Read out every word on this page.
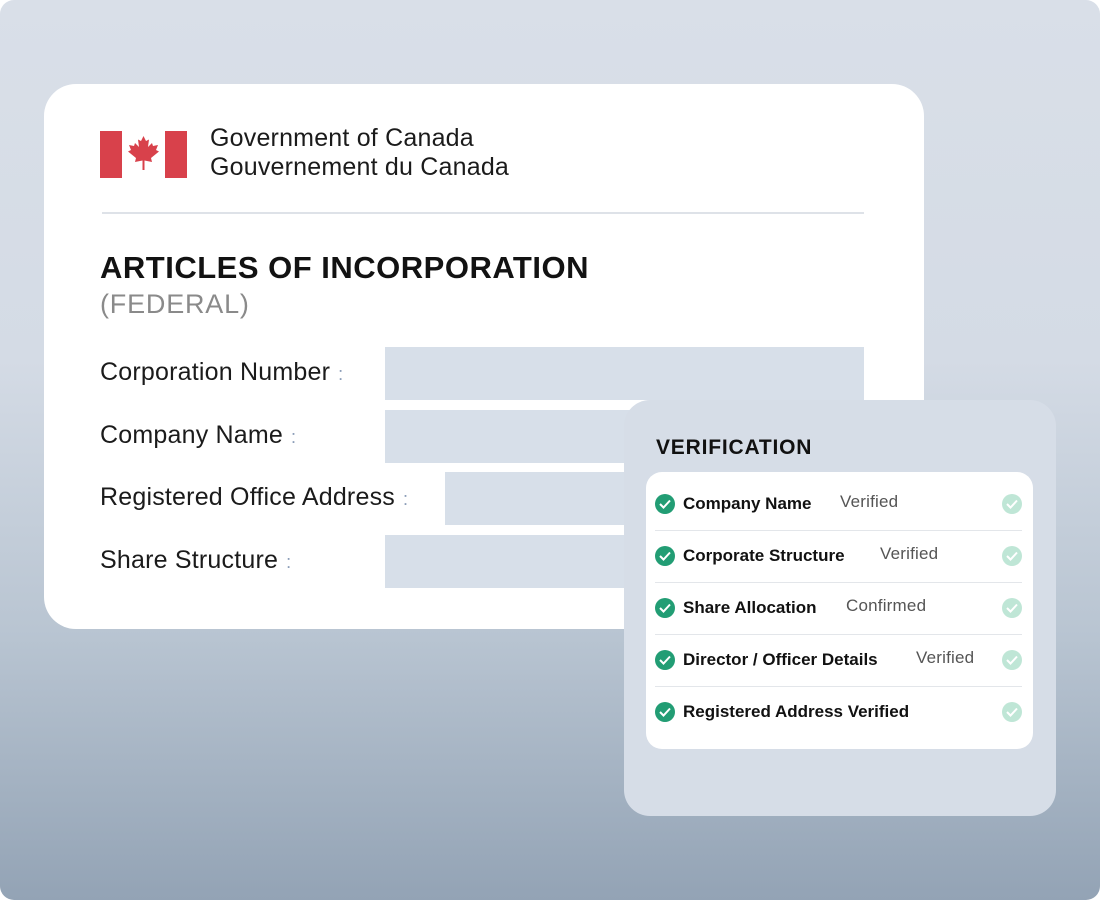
Government of Canada
Gouvernement du Canada
ARTICLES OF INCORPORATION
(FEDERAL)
Corporation Number :
Company Name :
Registered Office Address :
Share Structure :
VERIFICATION
Company Name Verified
Corporate Structure Verified
Share Allocation Confirmed
Director / Officer Details Verified
Registered Address Verified
